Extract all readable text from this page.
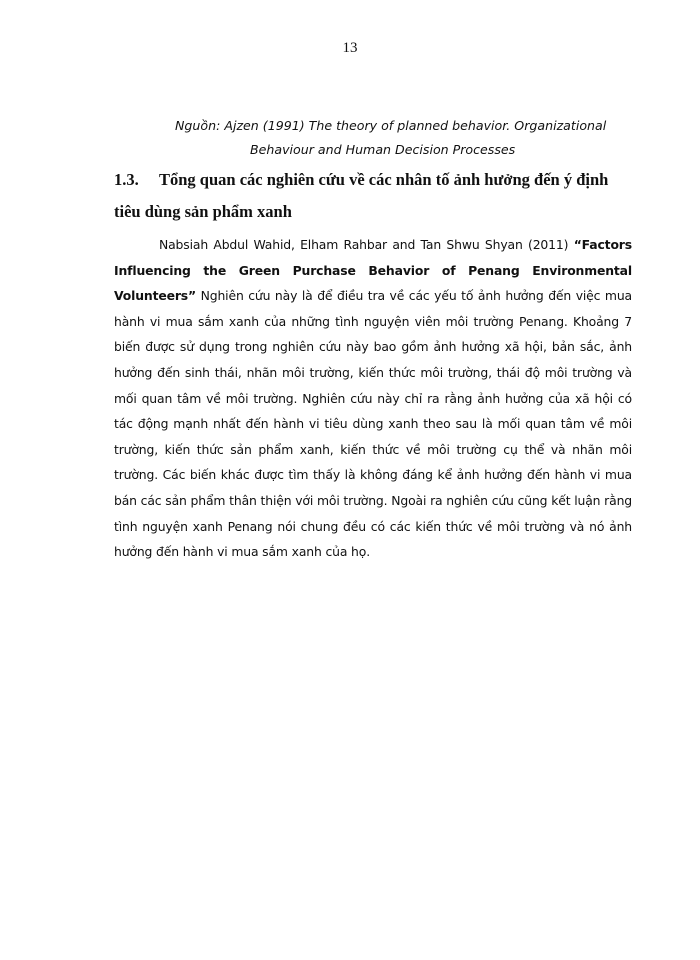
13
Nguồn: Ajzen (1991) The theory of planned behavior. Organizational
Behaviour and Human Decision Processes
1.3. Tổng quan các nghiên cứu về các nhân tố ảnh hưởng đến ý định tiêu dùng sản phẩm xanh

Nabsiah Abdul Wahid, Elham Rahbar and Tan Shwu Shyan (2011) “Factors Influencing the Green Purchase Behavior of Penang Environmental Volunteers” Nghiên cứu này là để điều tra về các yếu tố ảnh hưởng đến việc mua hành vi mua sắm xanh của những tình nguyện viên môi trường Penang. Khoảng 7 biến được sử dụng trong nghiên cứu này bao gồm ảnh hưởng xã hội, bản sắc, ảnh hưởng đến sinh thái, nhãn môi trường, kiến thức môi trường, thái độ môi trường và mối quan tâm về môi trường. Nghiên cứu này chỉ ra rằng ảnh hưởng của xã hội có tác động mạnh nhất đến hành vi tiêu dùng xanh theo sau là mối quan tâm về môi trường, kiến thức sản phẩm xanh, kiến thức về môi trường cụ thể và nhãn môi trường. Các biến khác được tìm thấy là không đáng kể ảnh hưởng đến hành vi mua bán các sản phẩm thân thiện với môi trường. Ngoài ra nghiên cứu cũng kết luận rằng tình nguyện xanh Penang nói chung đều có các kiến thức về môi trường và nó ảnh hưởng đến hành vi mua sắm xanh của họ.
